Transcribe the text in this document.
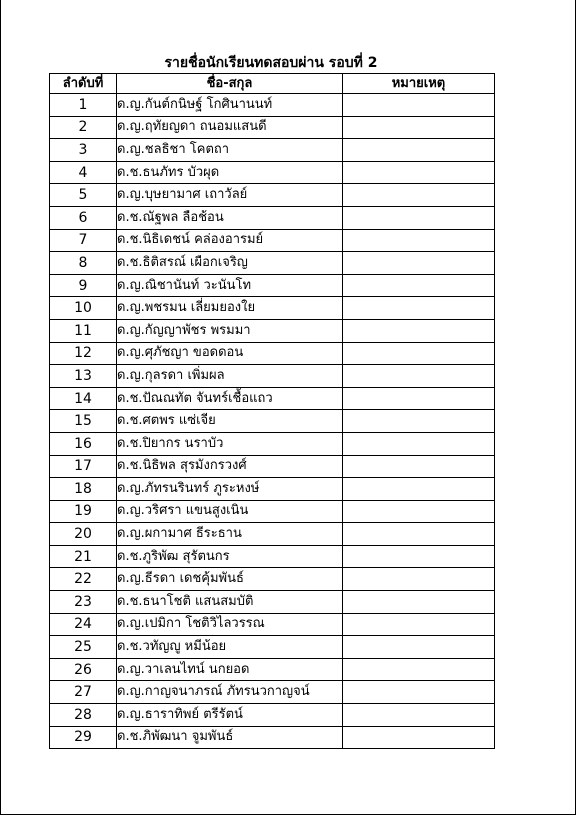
รายชื่อนักเรียนทดสอบผ่าน รอบที่ 2
ลำดับที่	ชื่อ-สกุล	หมายเหตุ
1	ด.ญ.กันต์กนิษฐ์ โกศินานนท์	
2	ด.ญ.ฤทัยญดา ถนอมแสนดี	
3	ด.ญ.ชลธิชา โคตถา	
4	ด.ช.ธนภัทร บัวผุด	
5	ด.ญ.บุษยามาศ เถาวัลย์	
6	ด.ช.ณัฐพล ลือช้อน	
7	ด.ช.นิธิเดชน์ คล่องอารมย์	
8	ด.ช.ธิติสรณ์ เผือกเจริญ	
9	ด.ญ.ณิชานันท์ วะนันโท	
10	ด.ญ.พชรมน เลี่ยมยองใย	
11	ด.ญ.กัญญาพัชร พรมมา	
12	ด.ญ.ศุภัชญา ขอดดอน	
13	ด.ญ.กุลรดา เพิ่มผล	
14	ด.ช.ปัณณทัต จันทร์เชื้อแถว	
15	ด.ช.ศตพร แซ่เจีย	
16	ด.ช.ปิยากร นราบัว	
17	ด.ช.นิธิพล สุรมังกรวงศ์	
18	ด.ญ.ภัทรนรินทร์ ภูระหงษ์	
19	ด.ญ.วริศรา แขนสูงเนิน	
20	ด.ญ.ผกามาศ ธีระธาน	
21	ด.ช.ภูริพัฒ สุรัตนกร	
22	ด.ญ.ธีรดา เดชคุ้มพันธ์	
23	ด.ช.ธนาโชติ แสนสมบัติ	
24	ด.ญ.เปมิกา โชติวิไลวรรณ	
25	ด.ช.วทัญญู หมีน้อย	
26	ด.ญ.วาเลนไทน์ นกยอด	
27	ด.ญ.กาญจนาภรณ์ ภัทรนวกาญจน์	
28	ด.ญ.ธาราทิพย์ ตรีรัตน์	
29	ด.ช.ภิพัฒนา จูมพันธ์	
